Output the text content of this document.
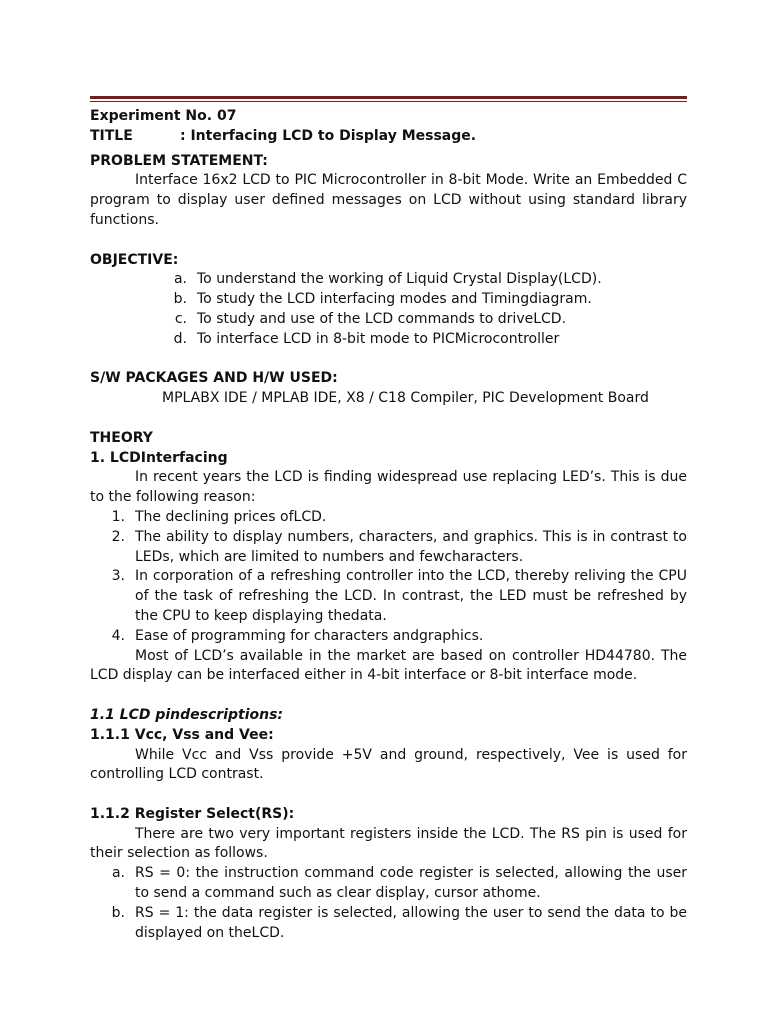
Experiment No. 07
TITLE	: Interfacing LCD to Display Message.
PROBLEM STATEMENT:
Interface 16x2 LCD to PIC Microcontroller in 8-bit Mode. Write an Embedded C program to display user defined messages on LCD without using standard library functions.
OBJECTIVE:
a. To understand the working of Liquid Crystal Display(LCD).
b. To study the LCD interfacing modes and Timingdiagram.
c. To study and use of the LCD commands to driveLCD.
d. To interface LCD in 8-bit mode to PICMicrocontroller
S/W PACKAGES AND H/W USED:
MPLABX IDE / MPLAB IDE, X8 / C18 Compiler, PIC Development Board
THEORY
1. LCDInterfacing
In recent years the LCD is finding widespread use replacing LED’s. This is due to the following reason:
1. The declining prices ofLCD.
2. The ability to display numbers, characters, and graphics. This is in contrast to LEDs, which are limited to numbers and fewcharacters.
3. In corporation of a refreshing controller into the LCD, thereby reliving the CPU of the task of refreshing the LCD. In contrast, the LED must be refreshed by the CPU to keep displaying thedata.
4. Ease of programming for characters andgraphics.
Most of LCD’s available in the market are based on controller HD44780. The LCD display can be interfaced either in 4-bit interface or 8-bit interface mode.
1.1 LCD pindescriptions:
1.1.1 Vcc, Vss and Vee:
While Vcc and Vss provide +5V and ground, respectively, Vee is used for controlling LCD contrast.
1.1.2 Register Select(RS):
There are two very important registers inside the LCD. The RS pin is used for their selection as follows.
a. RS = 0: the instruction command code register is selected, allowing the user to send a command such as clear display, cursor athome.
b. RS = 1: the data register is selected, allowing the user to send the data to be displayed on theLCD.
